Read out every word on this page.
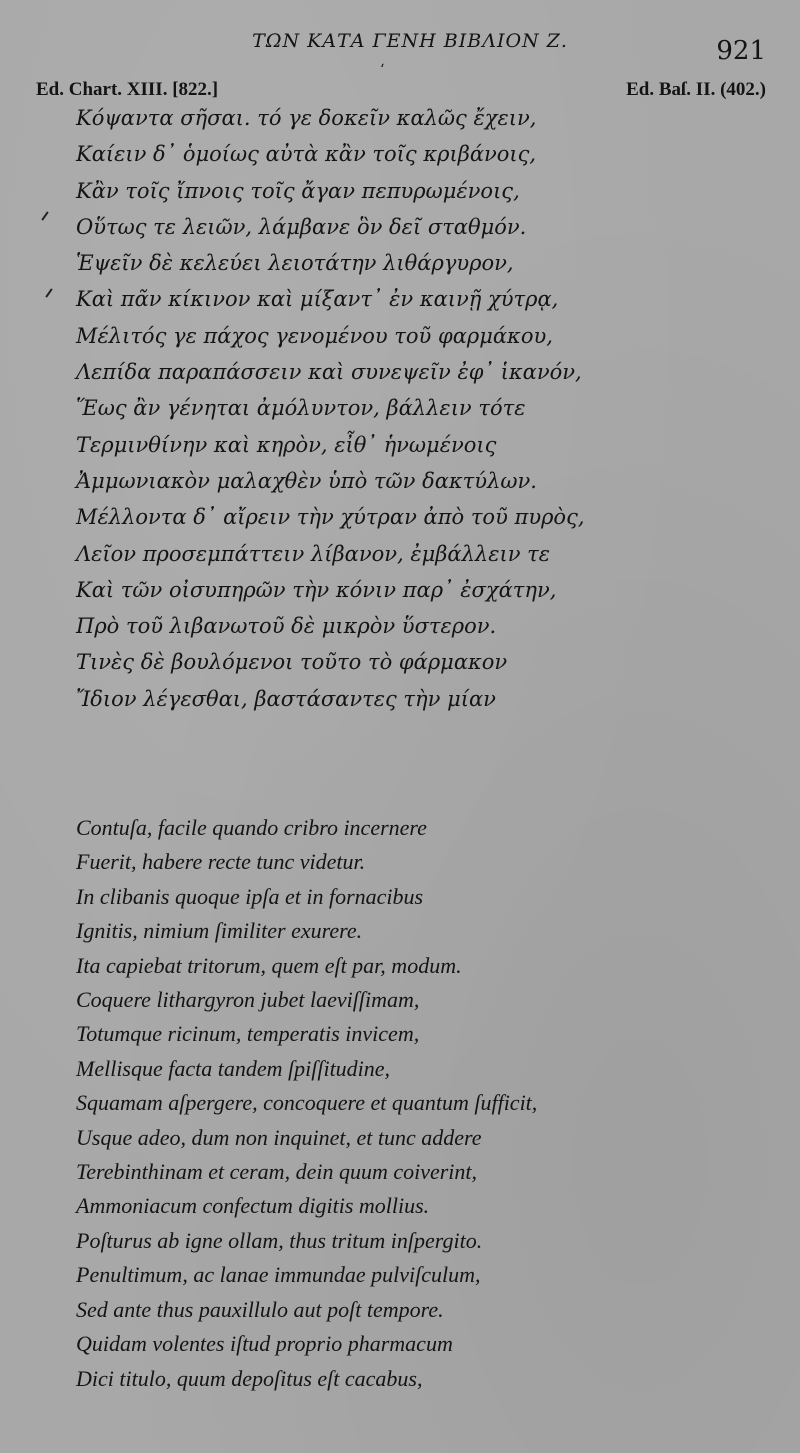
ΤΩΝ ΚΑΤΑ ΓΕΝΗ ΒΙΒΛΙΟΝ Ζ.	921
ʻ
Ed. Chart. XIII. [822.]	Ed. Baſ. II. (402.)
Κόψαντα σῆσαι. τό γε δοκεῖν καλῶς ἔχειν,
Καίειν δ᾽ ὁμοίως αὐτὰ κἂν τοῖς κριβάνοις,
Κἂν τοῖς ἴπνοις τοῖς ἄγαν πεπυρωμένοις,
Οὕτως τε λειῶν, λάμβανε ὃν δεῖ σταθμόν.
Ἑψεῖν δὲ κελεύει λειοτάτην λιθάργυρον,
Καὶ πᾶν κίκινον καὶ μίξαντ᾽ ἐν καινῇ χύτρᾳ,
Μέλιτός γε πάχος γενομένου τοῦ φαρμάκου,
Λεπίδα παραπάσσειν καὶ συνεψεῖν ἐφ᾽ ἱκανόν,
Ἕως ἂν γένηται ἀμόλυντον, βάλλειν τότε
Τερμινθίνην καὶ κηρὸν, εἶθ᾽ ἡνωμένοις
Ἀμμωνιακὸν μαλαχθὲν ὑπὸ τῶν δακτύλων.
Μέλλοντα δ᾽ αἴρειν τὴν χύτραν ἀπὸ τοῦ πυρὸς,
Λεῖον προσεμπάττειν λίβανον, ἐμβάλλειν τε
Καὶ τῶν οἰσυπηρῶν τὴν κόνιν παρ᾽ ἐσχάτην,
Πρὸ τοῦ λιβανωτοῦ δὲ μικρὸν ὕστερον.
Τινὲς δὲ βουλόμενοι τοῦτο τὸ φάρμακον
Ἴδιον λέγεσθαι, βαστάσαντες τὴν μίαν
Contuſa, facile quando cribro incernere
Fuerit, habere recte tunc videtur.
In clibanis quoque ipſa et in fornacibus
Ignitis, nimium ſimiliter exurere.
Ita capiebat tritorum, quem eſt par, modum.
Coquere lithargyron jubet laeviſſimam,
Totumque ricinum, temperatis invicem,
Mellisque facta tandem ſpiſſitudine,
Squamam aſpergere, concoquere et quantum ſufficit,
Usque adeo, dum non inquinet, et tunc addere
Terebinthinam et ceram, dein quum coiverint,
Ammoniacum confectum digitis mollius.
Poſturus ab igne ollam, thus tritum inſpergito.
Penultimum, ac lanae immundae pulviſculum,
Sed ante thus pauxillulo aut poſt tempore.
Quidam volentes iſtud proprio pharmacum
Dici titulo, quum depoſitus eſt cacabus,
